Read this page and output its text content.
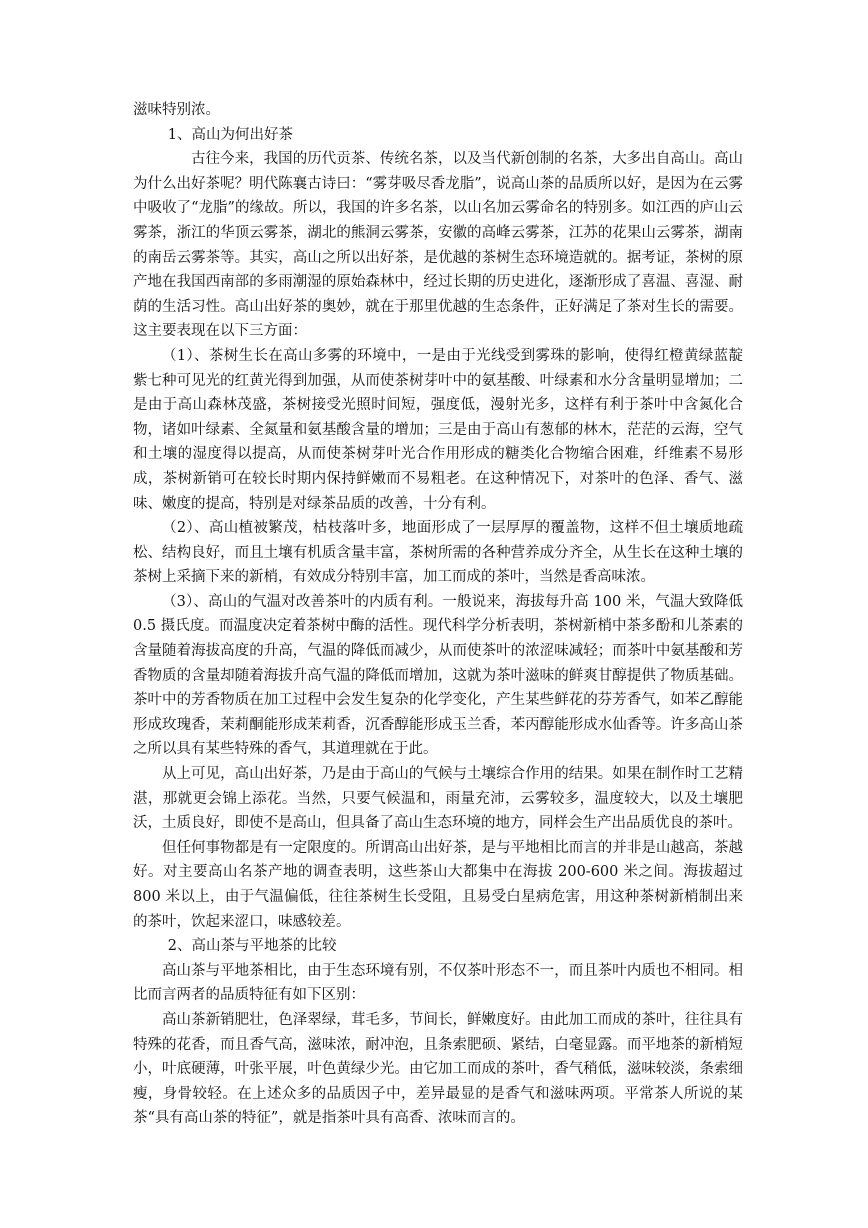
滋味特别浓。

1、高山为何出好茶

古往今来，我国的历代贡茶、传统名茶，以及当代新创制的名茶，大多出自高山。高山为什么出好茶呢？明代陈襄古诗曰：“雾芽吸尽香龙脂”，说高山茶的品质所以好，是因为在云雾中吸收了“龙脂”的缘故。所以，我国的许多名茶，以山名加云雾命名的特别多。如江西的庐山云雾茶，浙江的华顶云雾茶，湖北的熊洞云雾茶，安徽的高峰云雾茶，江苏的花果山云雾茶，湖南的南岳云雾茶等。其实，高山之所以出好茶，是优越的茶树生态环境造就的。据考证，茶树的原产地在我国西南部的多雨潮湿的原始森林中，经过长期的历史进化，逐渐形成了喜温、喜湿、耐荫的生活习性。高山出好茶的奥妙，就在于那里优越的生态条件，正好满足了茶对生长的需要。这主要表现在以下三方面：

（1）、茶树生长在高山多雾的环境中，一是由于光线受到雾珠的影响，使得红橙黄绿蓝靛紫七种可见光的红黄光得到加强，从而使茶树芽叶中的氨基酸、叶绿素和水分含量明显增加；二是由于高山森林茂盛，茶树接受光照时间短，强度低，漫射光多，这样有利于茶叶中含氮化合物，诸如叶绿素、全氮量和氨基酸含量的增加；三是由于高山有葱郁的林木，茫茫的云海，空气和土壤的湿度得以提高，从而使茶树芽叶光合作用形成的糖类化合物缩合困难，纤维素不易形成，茶树新销可在较长时期内保持鲜嫩而不易粗老。在这种情况下，对茶叶的色泽、香气、滋味、嫩度的提高，特别是对绿茶品质的改善，十分有利。

（2）、高山植被繁茂，枯枝落叶多，地面形成了一层厚厚的覆盖物，这样不但土壤质地疏松、结构良好，而且土壤有机质含量丰富，茶树所需的各种营养成分齐全，从生长在这种土壤的茶树上采摘下来的新梢，有效成分特别丰富，加工而成的茶叶，当然是香高味浓。

（3）、高山的气温对改善茶叶的内质有利。一般说来，海拔每升高 100 米，气温大致降低 0.5 摄氏度。而温度决定着茶树中酶的活性。现代科学分析表明，茶树新梢中茶多酚和儿茶素的含量随着海拔高度的升高，气温的降低而减少，从而使茶叶的浓涩味减轻；而茶叶中氨基酸和芳香物质的含量却随着海拔升高气温的降低而增加，这就为茶叶滋味的鲜爽甘醇提供了物质基础。茶叶中的芳香物质在加工过程中会发生复杂的化学变化，产生某些鲜花的芬芳香气，如苯乙醇能形成玫瑰香，茉莉酮能形成茉莉香，沉香醇能形成玉兰香，苯丙醇能形成水仙香等。许多高山茶之所以具有某些特殊的香气，其道理就在于此。

从上可见，高山出好茶，乃是由于高山的气候与土壤综合作用的结果。如果在制作时工艺精湛，那就更会锦上添花。当然，只要气候温和，雨量充沛，云雾较多，温度较大，以及土壤肥沃，土质良好，即使不是高山，但具备了高山生态环境的地方，同样会生产出品质优良的茶叶。

但任何事物都是有一定限度的。所谓高山出好茶，是与平地相比而言的并非是山越高，茶越好。对主要高山名茶产地的调查表明，这些茶山大都集中在海拔 200-600 米之间。海拔超过 800 米以上，由于气温偏低，往往茶树生长受阻，且易受白星病危害，用这种茶树新梢制出来的茶叶，饮起来涩口，味感较差。

2、高山茶与平地茶的比较

高山茶与平地茶相比，由于生态环境有别，不仅茶叶形态不一，而且茶叶内质也不相同。相比而言两者的品质特征有如下区别：

高山茶新销肥壮，色泽翠绿，茸毛多，节间长，鲜嫩度好。由此加工而成的茶叶，往往具有特殊的花香，而且香气高，滋味浓，耐冲泡，且条索肥硕、紧结，白毫显露。而平地茶的新梢短小，叶底硬薄，叶张平展，叶色黄绿少光。由它加工而成的茶叶，香气稍低，滋味较淡，条索细瘦，身骨较轻。在上述众多的品质因子中，差异最显的是香气和滋味两项。平常茶人所说的某茶“具有高山茶的特征”，就是指茶叶具有高香、浓味而言的。
